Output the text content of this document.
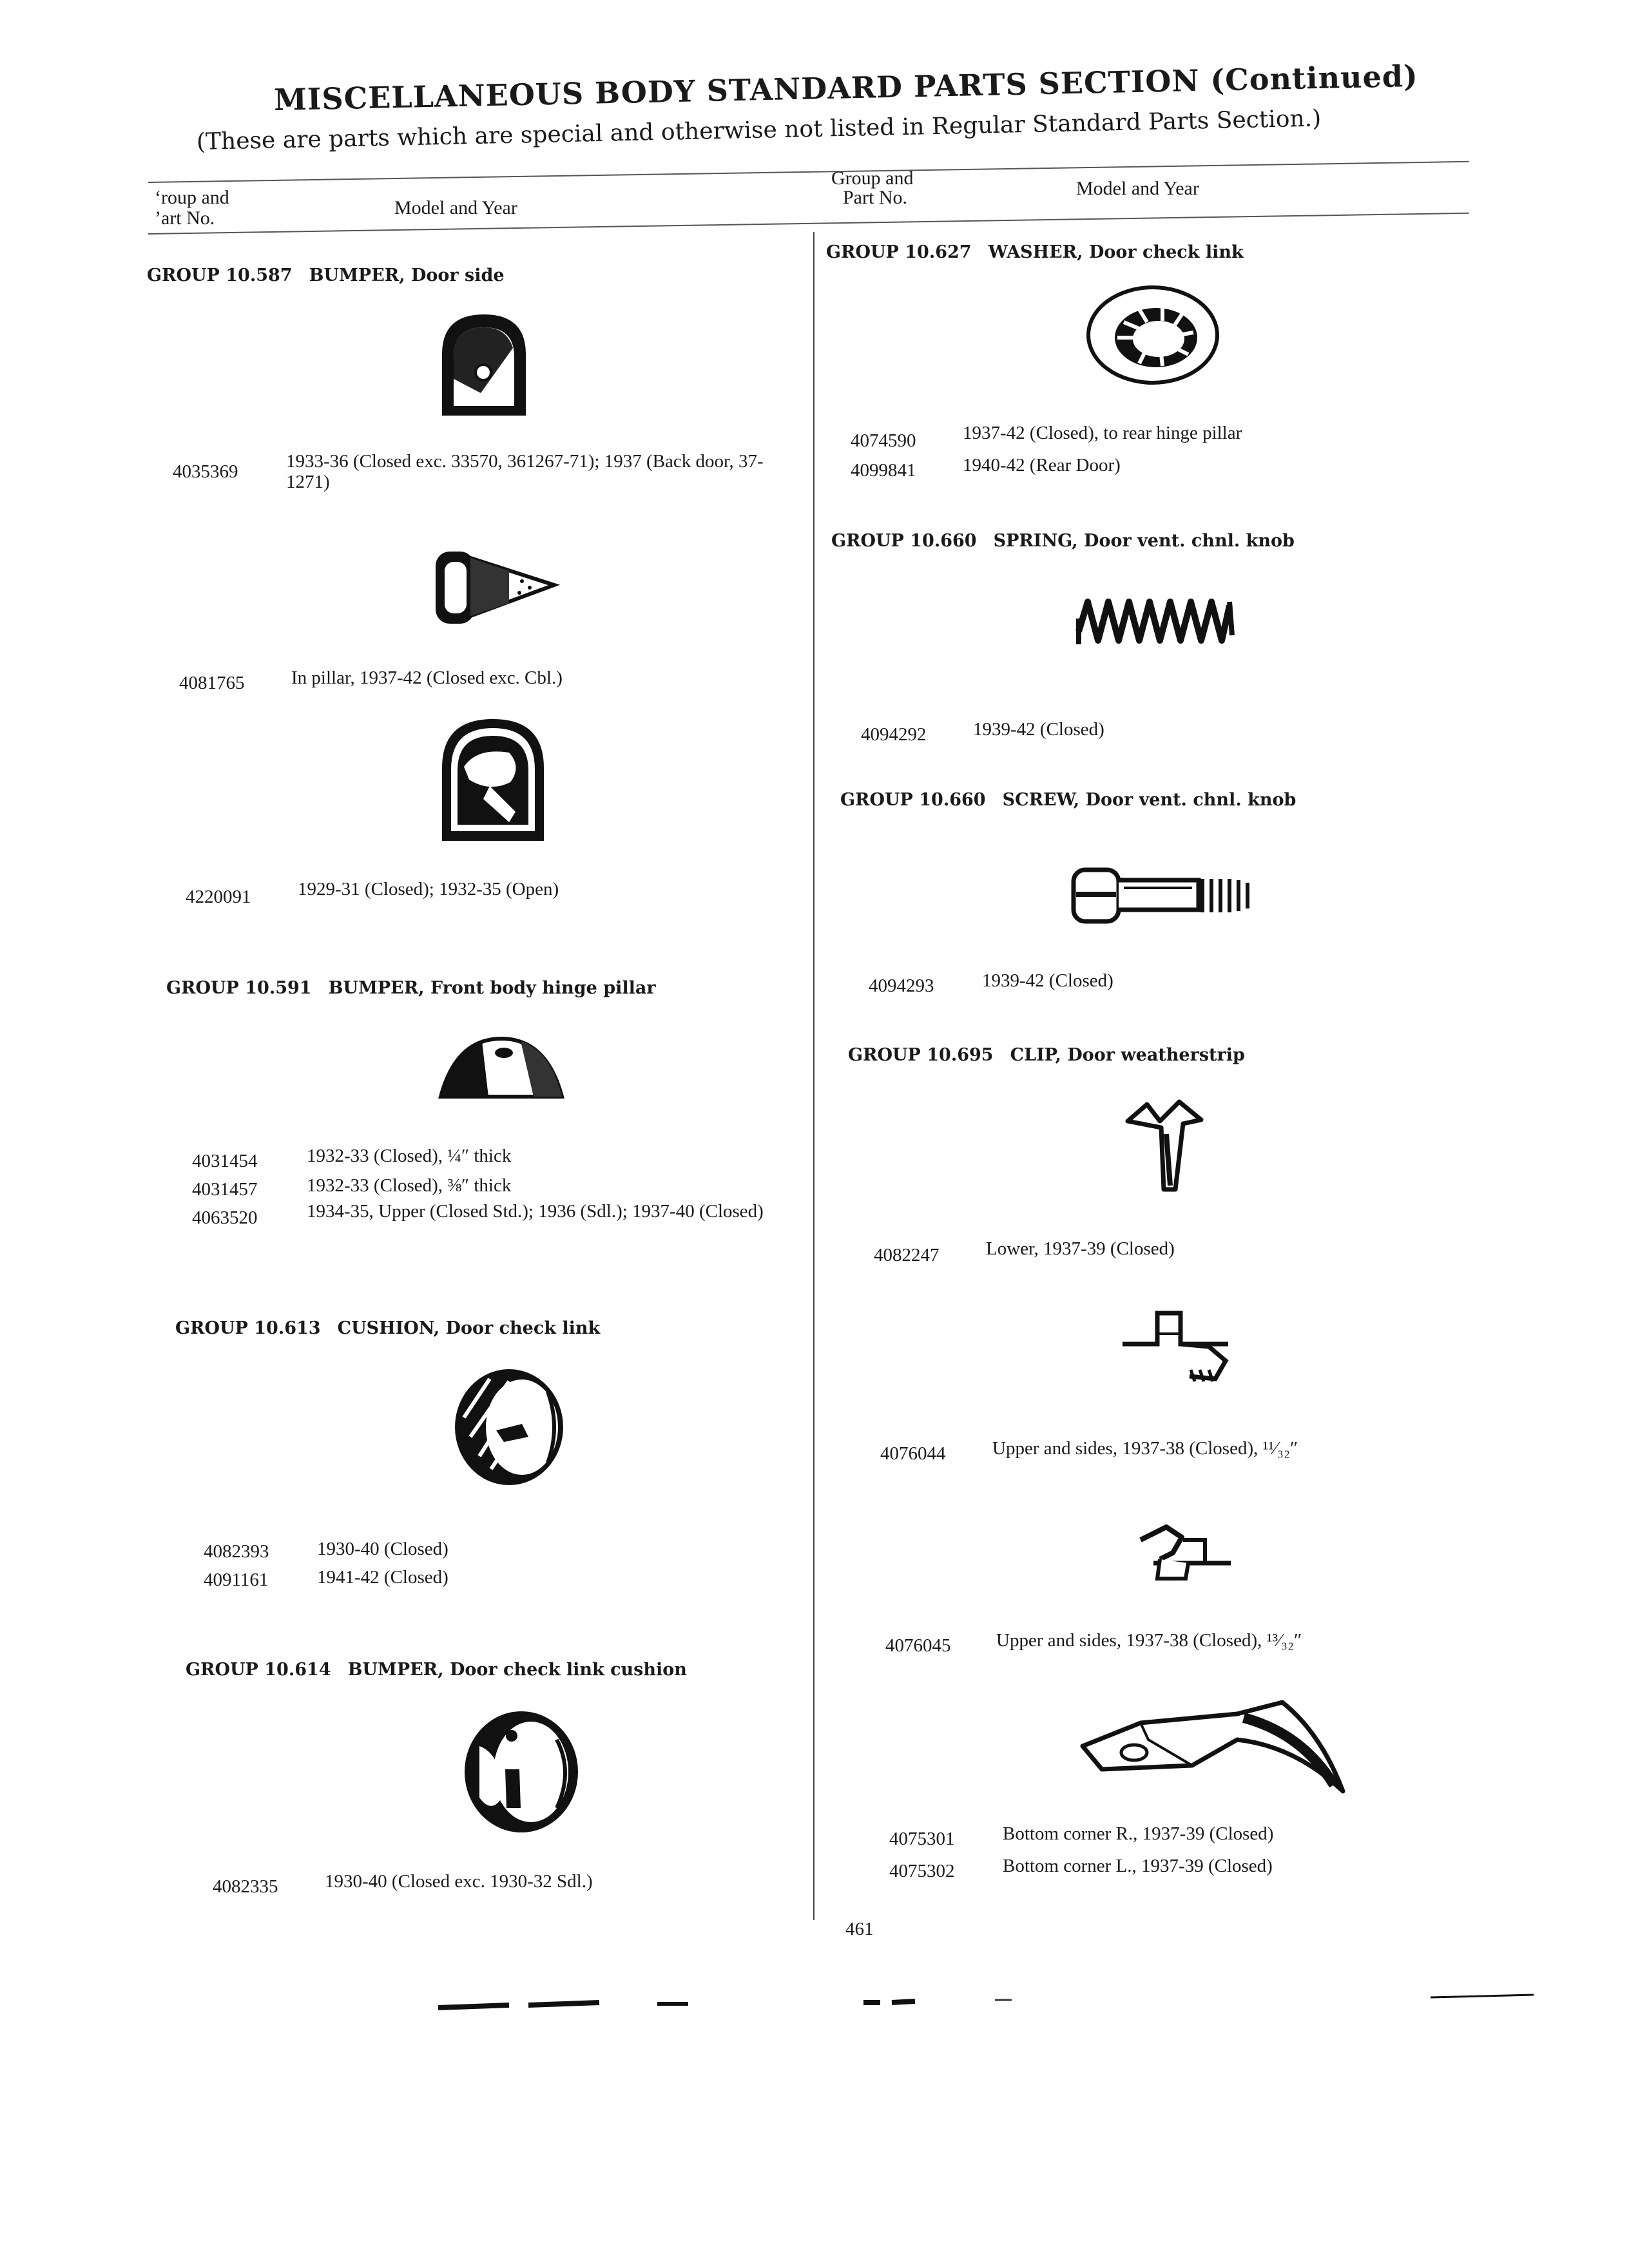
MISCELLANEOUS BODY STANDARD PARTS SECTION (Continued)
(These are parts which are special and otherwise not listed in Regular Standard Parts Section.)
‘roup and
’art No.	Model and Year
Group and
Part No.	Model and Year
GROUP 10.587 BUMPER, Door side
4035369	1933-36 (Closed exc. 33570, 361267-71); 1937 (Back door, 37-1271)
4081765	In pillar, 1937-42 (Closed exc. Cbl.)
4220091	1929-31 (Closed); 1932-35 (Open)
GROUP 10.591 BUMPER, Front body hinge pillar
4031454	1932-33 (Closed), ¼″ thick
4031457	1932-33 (Closed), ⅜″ thick
4063520	1934-35, Upper (Closed Std.); 1936 (Sdl.); 1937-40 (Closed)
GROUP 10.613 CUSHION, Door check link
4082393	1930-40 (Closed)
4091161	1941-42 (Closed)
GROUP 10.614 BUMPER, Door check link cushion
4082335	1930-40 (Closed exc. 1930-32 Sdl.)
GROUP 10.627 WASHER, Door check link
4074590	1937-42 (Closed), to rear hinge pillar
4099841	1940-42 (Rear Door)
GROUP 10.660 SPRING, Door vent. chnl. knob
4094292	1939-42 (Closed)
GROUP 10.660 SCREW, Door vent. chnl. knob
4094293	1939-42 (Closed)
GROUP 10.695 CLIP, Door weatherstrip
4082247	Lower, 1937-39 (Closed)
4076044	Upper and sides, 1937-38 (Closed), ¹¹⁄₃₂″
4076045 Upper and sides, 1937-38 (Closed), ¹³⁄₃₂″
4075301	Bottom corner R., 1937-39 (Closed)
4075302	Bottom corner L., 1937-39 (Closed)
461
